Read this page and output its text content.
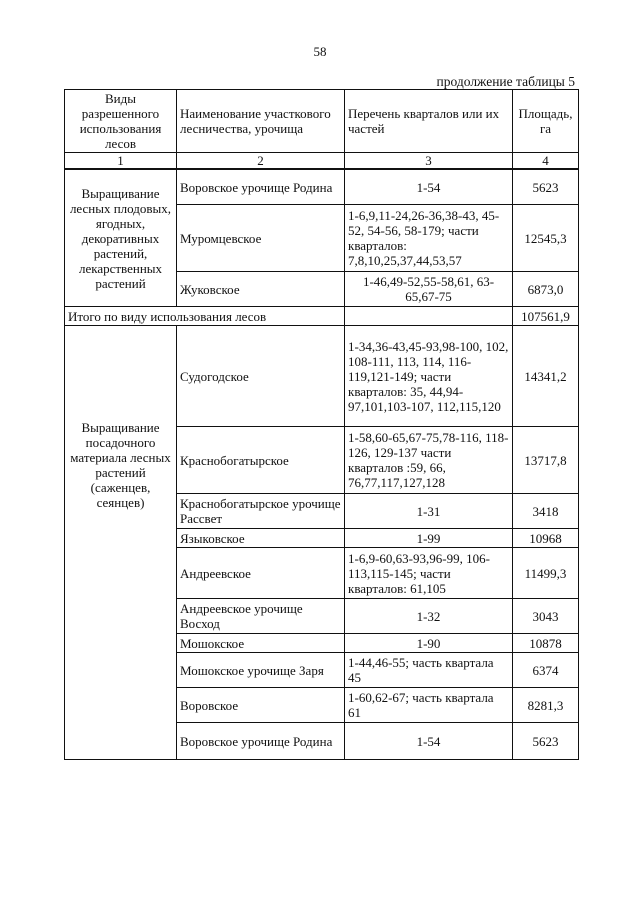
58
продолжение таблицы 5
Виды разрешенного использования лесов	Наименование участкового лесничества, урочища	Перечень кварталов или их частей	Площадь, га
1	2	3	4
Выращивание лесных плодовых, ягодных, декоративных растений, лекарственных растений	Воровское урочище Родина	1-54	5623
	Муромцевское	1-6,9,11-24,26-36,38-43, 45-52, 54-56, 58-179; части кварталов: 7,8,10,25,37,44,53,57	12545,3
	Жуковское	1-46,49-52,55-58,61, 63-65,67-75	6873,0
Итого по виду использования лесов			107561,9

Выращивание посадочного материала лесных растений (саженцев, сеянцев)	Судогодское	1-34,36-43,45-93,98-100, 102, 108-111, 113, 114, 116-119,121-149; части кварталов: 35, 44,94-97,101,103-107, 112,115,120	14341,2
	Краснобогатырское	1-58,60-65,67-75,78-116, 118-126, 129-137 части кварталов :59, 66, 76,77,117,127,128	13717,8
	Краснобогатырское урочище Рассвет	1-31	3418
	Языковское	1-99	10968
	Андреевское	1-6,9-60,63-93,96-99, 106-113,115-145; части кварталов: 61,105	11499,3
	Андреевское урочище Восход	1-32	3043
	Мошокское	1-90	10878
	Мошокское урочище Заря	1-44,46-55; часть квартала 45	6374
	Воровское	1-60,62-67; часть квартала 61	8281,3
	Воровское урочище Родина	1-54	5623
